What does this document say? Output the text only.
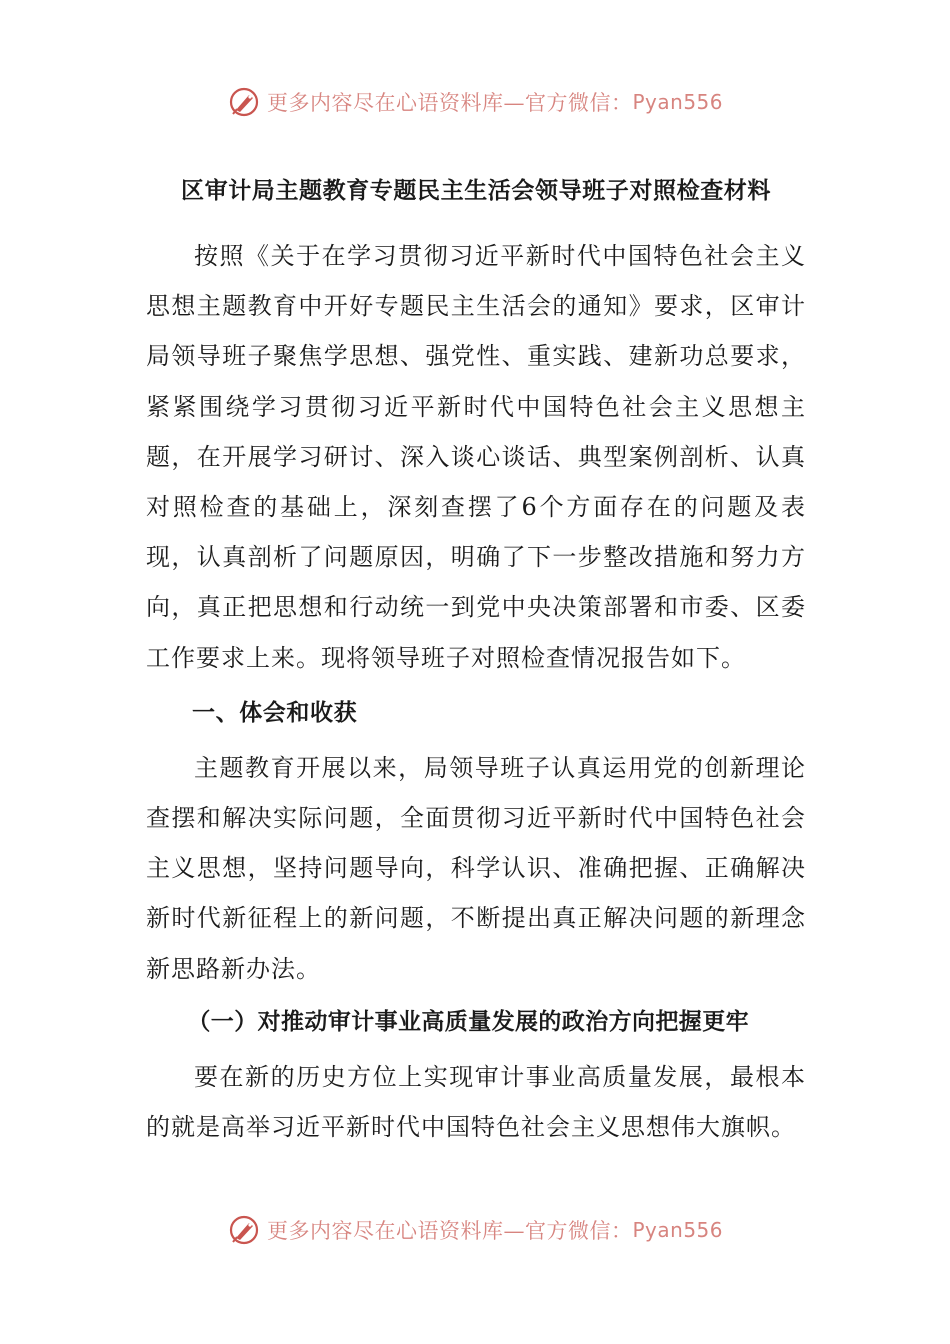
更多内容尽在心语资料库—官方微信： Pyan556
区审计局主题教育专题民主生活会领导班子对照检查材料

按照《关于在学习贯彻习近平新时代中国特色社会主义思想主题教育中开好专题民主生活会的通知》要求，区审计局领导班子聚焦学思想、强党性、重实践、建新功总要求，紧紧围绕学习贯彻习近平新时代中国特色社会主义思想主题，在开展学习研讨、深入谈心谈话、典型案例剖析、认真对照检查的基础上，深刻查摆了6个方面存在的问题及表现，认真剖析了问题原因，明确了下一步整改措施和努力方向，真正把思想和行动统一到党中央决策部署和市委、区委工作要求上来。现将领导班子对照检查情况报告如下。

一、体会和收获

主题教育开展以来，局领导班子认真运用党的创新理论查摆和解决实际问题，全面贯彻习近平新时代中国特色社会主义思想，坚持问题导向，科学认识、准确把握、正确解决新时代新征程上的新问题，不断提出真正解决问题的新理念新思路新办法。

（一）对推动审计事业高质量发展的政治方向把握更牢

要在新的历史方位上实现审计事业高质量发展，最根本的就是高举习近平新时代中国特色社会主义思想伟大旗帜。

更多内容尽在心语资料库—官方微信： Pyan556
